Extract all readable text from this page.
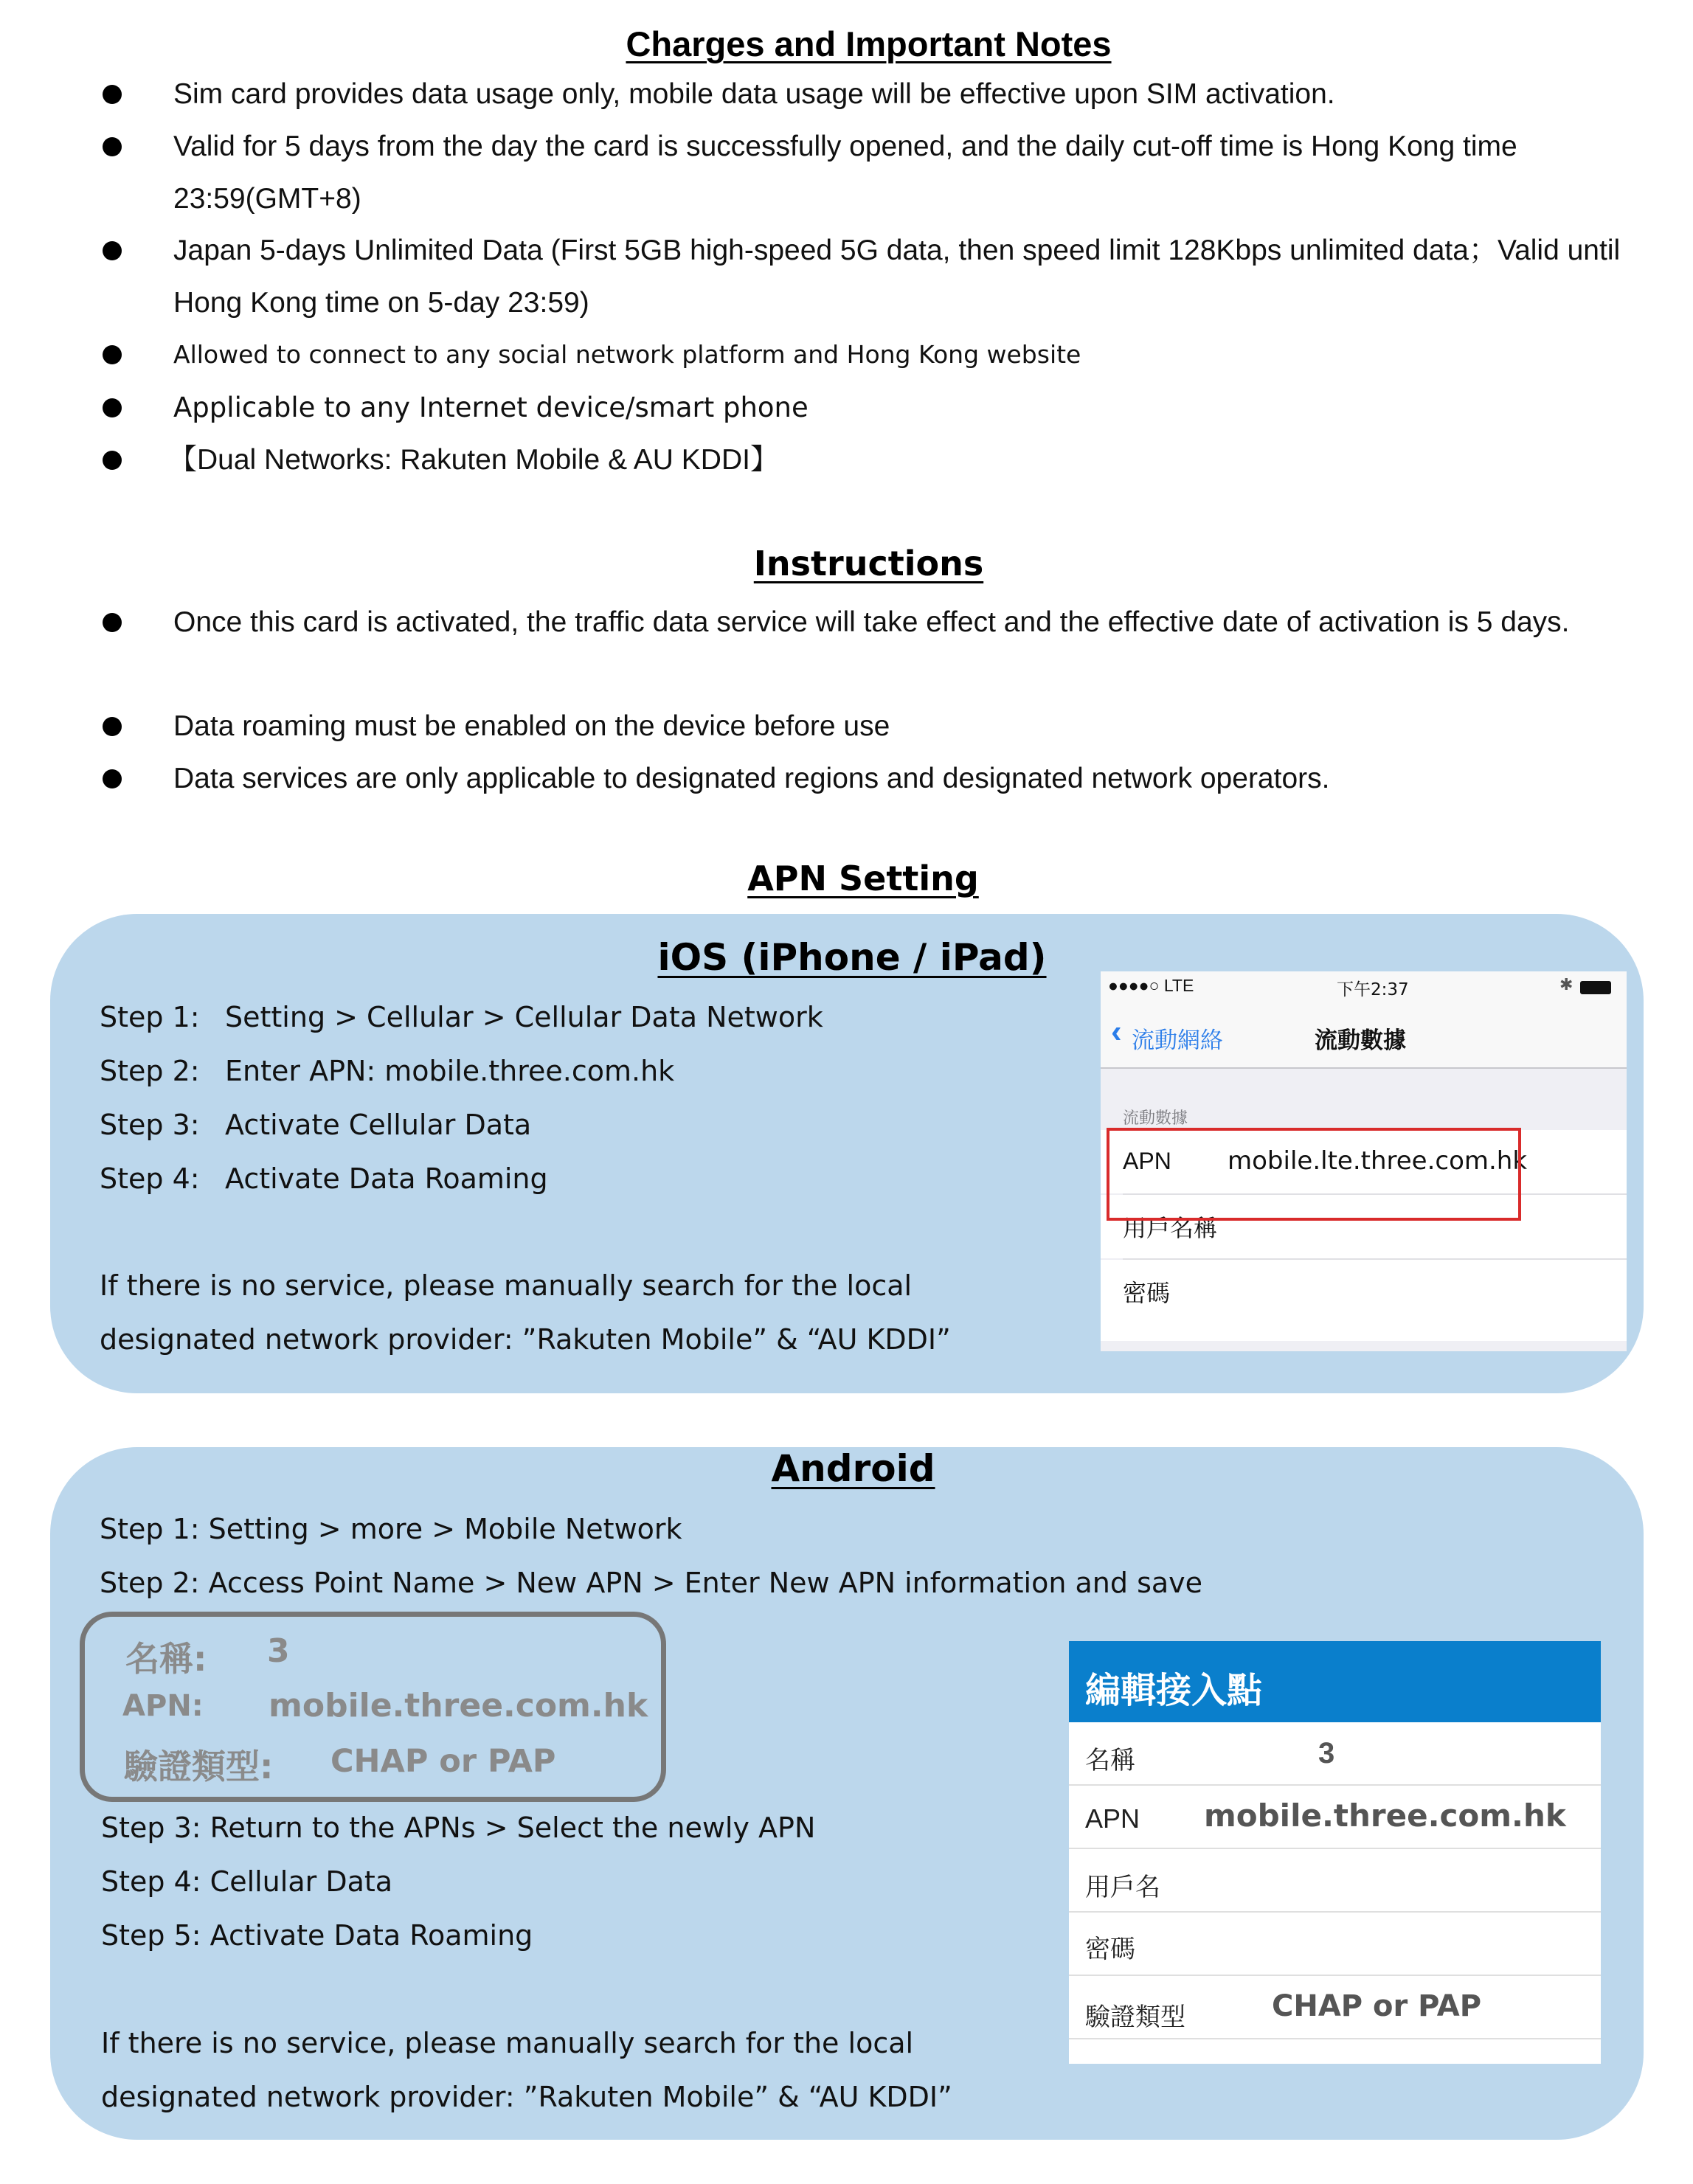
Charges and Important Notes
Sim card provides data usage only, mobile data usage will be effective upon SIM activation.
Valid for 5 days from the day the card is successfully opened, and the daily cut-off time is Hong Kong time 23:59(GMT+8)
Japan 5-days Unlimited Data (First 5GB high-speed 5G data, then speed limit 128Kbps unlimited data；Valid until Hong Kong time on 5-day 23:59)
Allowed to connect to any social network platform and Hong Kong website
Applicable to any Internet device/smart phone
【Dual Networks: Rakuten Mobile & AU KDDI】
Instructions
Once this card is activated, the traffic data service will take effect and the effective date of activation is 5 days.
Data roaming must be enabled on the device before use
Data services are only applicable to designated regions and designated network operators.
APN Setting
iOS (iPhone / iPad)
Step 1: Setting > Cellular > Cellular Data Network
Step 2: Enter APN: mobile.three.com.hk
Step 3: Activate Cellular Data
Step 4: Activate Data Roaming
If there is no service, please manually search for the local
designated network provider: ”Rakuten Mobile” & “AU KDDI”
●●●●○ LTE	下午2:37	✱
‹ 流動網絡	流動數據
流動數據
APN mobile.lte.three.com.hk
用戶名稱
密碼
Android
Step 1: Setting > more > Mobile Network
Step 2: Access Point Name > New APN > Enter New APN information and save
名稱: 3
APN: mobile.three.com.hk
驗證類型: CHAP or PAP
Step 3: Return to the APNs > Select the newly APN
Step 4: Cellular Data
Step 5: Activate Data Roaming
If there is no service, please manually search for the local
designated network provider: ”Rakuten Mobile” & “AU KDDI”
編輯接入點
名稱	3
APN mobile.three.com.hk
用戶名
密碼
驗證類型	CHAP or PAP
